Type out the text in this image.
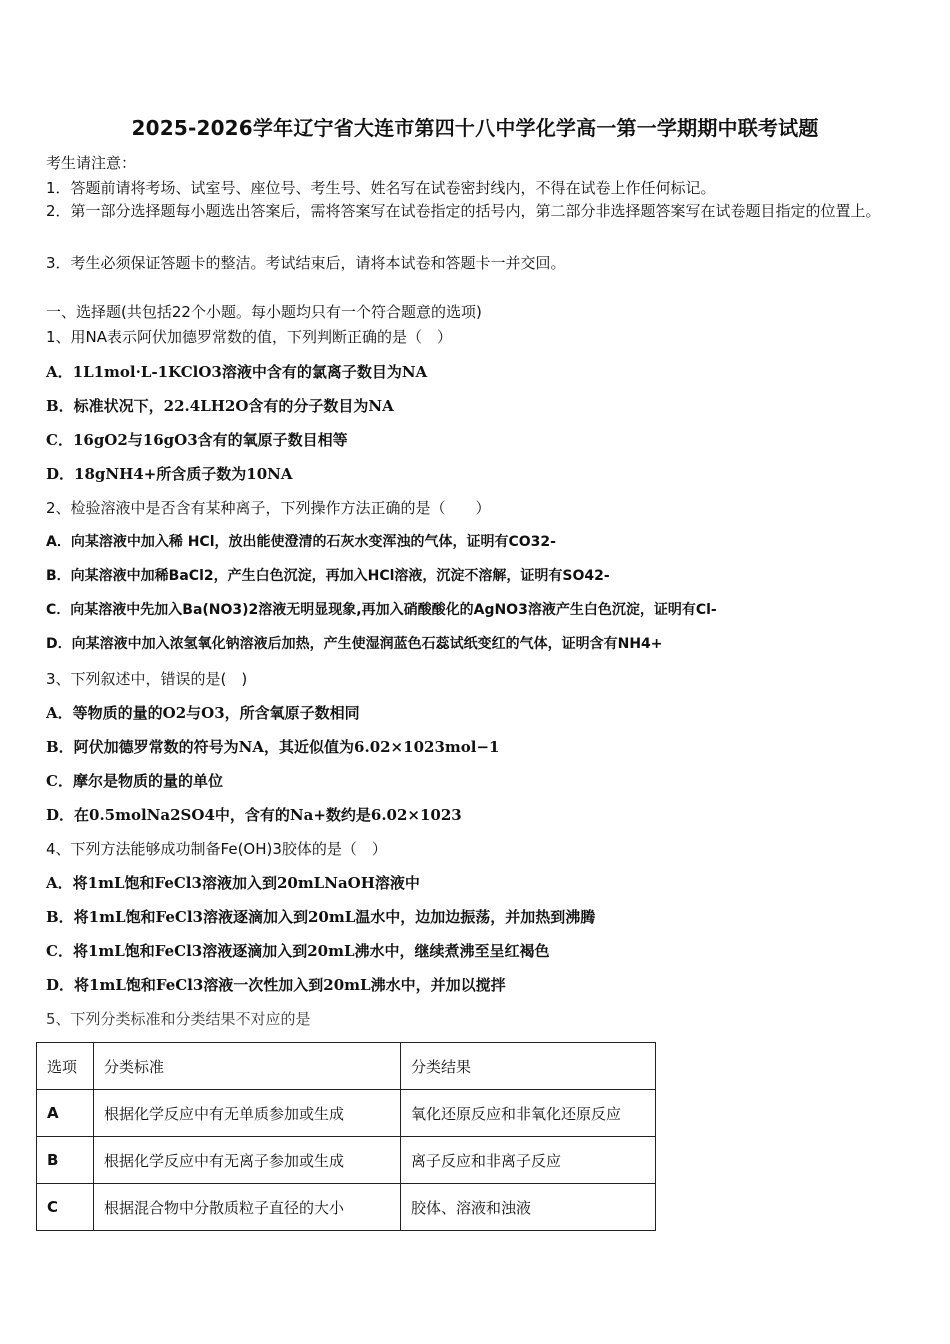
2025-2026学年辽宁省大连市第四十八中学化学高一第一学期期中联考试题
考生请注意：
1．答题前请将考场、试室号、座位号、考生号、姓名写在试卷密封线内，不得在试卷上作任何标记。
2．第一部分选择题每小题选出答案后，需将答案写在试卷指定的括号内，第二部分非选择题答案写在试卷题目指定的位置上。
3．考生必须保证答题卡的整洁。考试结束后，请将本试卷和答题卡一并交回。
一、选择题(共包括22个小题。每小题均只有一个符合题意的选项)
1、用NA表示阿伏加德罗常数的值，下列判断正确的是（　）
A．1L1mol·L-1KClO3溶液中含有的氯离子数目为NA
B．标准状况下，22.4LH2O含有的分子数目为NA
C．16gO2与16gO3含有的氧原子数目相等
D．18gNH4+所含质子数为10NA
2、检验溶液中是否含有某种离子，下列操作方法正确的是（　　）
A．向某溶液中加入稀 HCl，放出能使澄清的石灰水变浑浊的气体，证明有CO32-
B．向某溶液中加稀BaCl2，产生白色沉淀，再加入HCl溶液，沉淀不溶解，证明有SO42-
C．向某溶液中先加入Ba(NO3)2溶液无明显现象,再加入硝酸酸化的AgNO3溶液产生白色沉淀，证明有Cl-
D．向某溶液中加入浓氢氧化钠溶液后加热，产生使湿润蓝色石蕊试纸变红的气体，证明含有NH4+
3、下列叙述中，错误的是(　)
A．等物质的量的O2与O3，所含氧原子数相同
B．阿伏加德罗常数的符号为NA，其近似值为6.02×1023mol−1
C．摩尔是物质的量的单位
D．在0.5molNa2SO4中，含有的Na+数约是6.02×1023
4、下列方法能够成功制备Fe(OH)3胶体的是（　）
A．将1mL饱和FeCl3溶液加入到20mLNaOH溶液中
B．将1mL饱和FeCl3溶液逐滴加入到20mL温水中，边加边振荡，并加热到沸腾
C．将1mL饱和FeCl3溶液逐滴加入到20mL沸水中，继续煮沸至呈红褐色
D．将1mL饱和FeCl3溶液一次性加入到20mL沸水中，并加以搅拌
5、下列分类标准和分类结果不对应的是
选项	分类标准	分类结果
A	根据化学反应中有无单质参加或生成	氧化还原反应和非氧化还原反应
B	根据化学反应中有无离子参加或生成	离子反应和非离子反应
C	根据混合物中分散质粒子直径的大小	胶体、溶液和浊液
